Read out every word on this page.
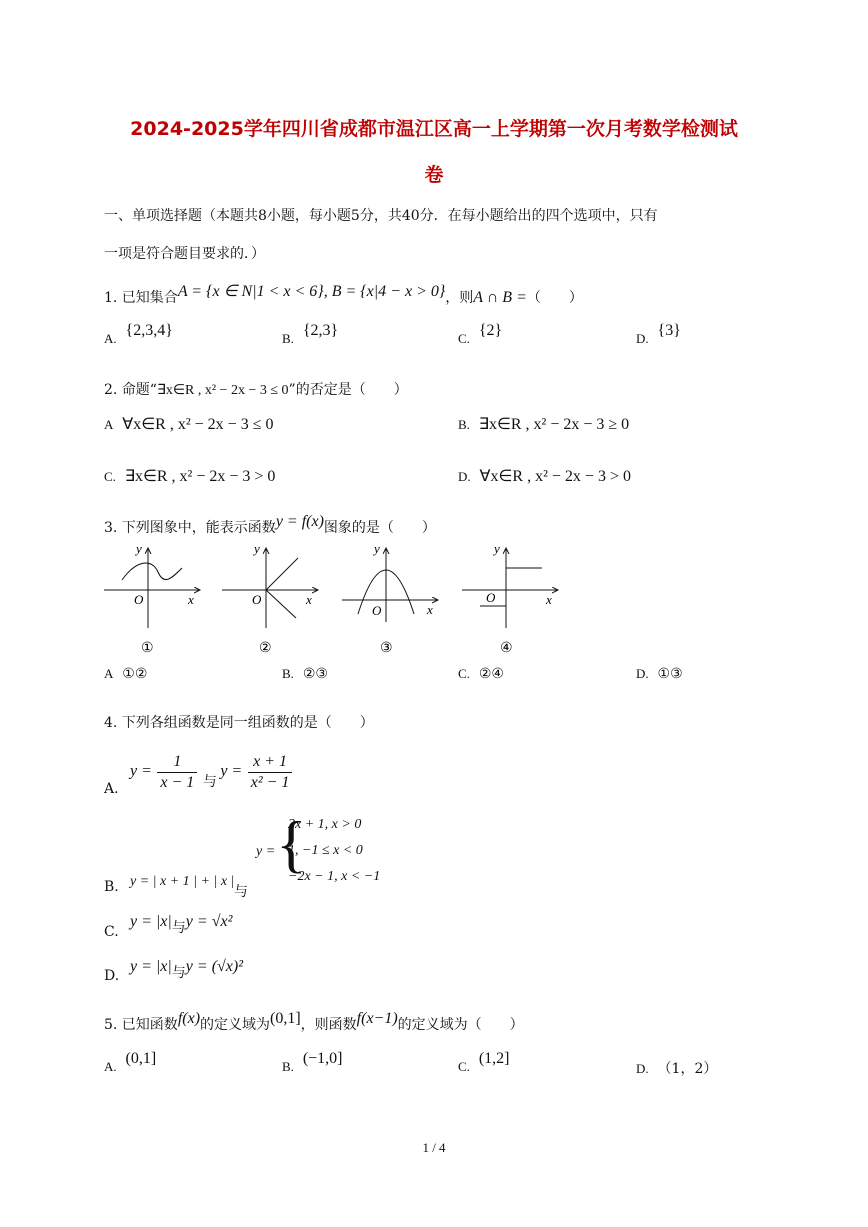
2024-2025学年四川省成都市温江区高一上学期第一次月考数学检测试
卷
一、单项选择题（本题共8小题，每小题5分，共40分．在每小题给出的四个选项中，只有
一项是符合题目要求的．）
1. 已知集合A = {x ∈ N|1 < x < 6}, B = {x|4 − x > 0}，则A ∩ B =（　　）
A. {2,3,4}	B. {2,3}	C. {2}	D. {3}
2. 命题“∃x∈R , x² − 2x − 3 ≤ 0”的否定是（　　）
A ∀x∈R , x² − 2x − 3 ≤ 0	B. ∃x∈R , x² − 2x − 3 ≥ 0
C. ∃x∈R , x² − 2x − 3 > 0	D. ∀x∈R , x² − 2x − 3 > 0
3. 下列图象中，能表示函数y = f(x)图象的是（　　）
y
O	x
①
y
O	x
②
y
O	x
③
y
O	x
④
A ①②	B. ②③	C. ②④	D. ①③
4. 下列各组函数是同一组函数的是（　　）
A.
$y = \frac{1}{x - 1}$ 与 $y = \frac{x + 1}{\text{x² − 1}}$
B. y = | x + 1 | + | x |
与
y = {
2x + 1, x > 0
1, −1 ≤ x < 0
−2x − 1, x < −1
C.
y = |x|与y = √x²
D.
y = |x|与y = (√x)²
5. 已知函数f(x)的定义域为(0,1]，则函数f(x−1)的定义域为（　　）
A. (0,1]	B. (−1,0]	C. (1,2]
D. （1，2）
1 / 4
